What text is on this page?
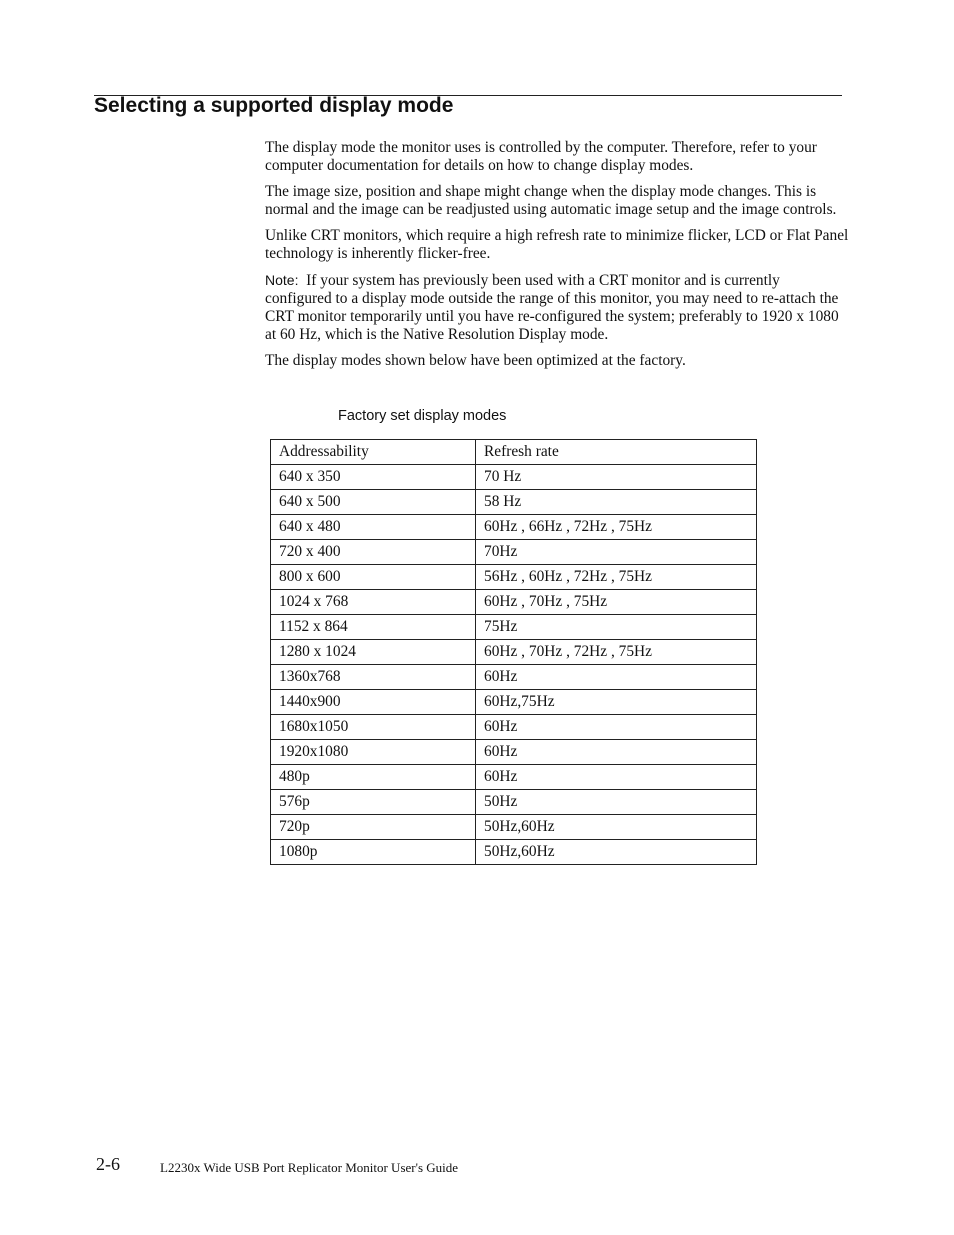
Selecting a supported display mode

The display mode the monitor uses is controlled by the computer. Therefore, refer to your computer documentation for details on how to change display modes.

The image size, position and shape might change when the display mode changes. This is normal and the image can be readjusted using automatic image setup and the image controls.

Unlike CRT monitors, which require a high refresh rate to minimize flicker, LCD or Flat Panel technology is inherently flicker-free.

Note: If your system has previously been used with a CRT monitor and is currently configured to a display mode outside the range of this monitor, you may need to re-attach the CRT monitor temporarily until you have re-configured the system; preferably to 1920 x 1080 at 60 Hz, which is the Native Resolution Display mode.

The display modes shown below have been optimized at the factory.

Factory set display modes
Addressability	Refresh rate
640 x 350	70 Hz
640 x 500	58 Hz
640 x 480	60Hz , 66Hz , 72Hz , 75Hz
720 x 400	70Hz
800 x 600	56Hz , 60Hz , 72Hz , 75Hz
1024 x 768	60Hz , 70Hz , 75Hz
1152 x 864	75Hz
1280 x 1024	60Hz , 70Hz , 72Hz , 75Hz
1360x768	60Hz
1440x900	60Hz,75Hz
1680x1050	60Hz
1920x1080	60Hz
480p	60Hz
576p	50Hz
720p	50Hz,60Hz
1080p	50Hz,60Hz
2-6	L2230x Wide USB Port Replicator Monitor User's Guide
